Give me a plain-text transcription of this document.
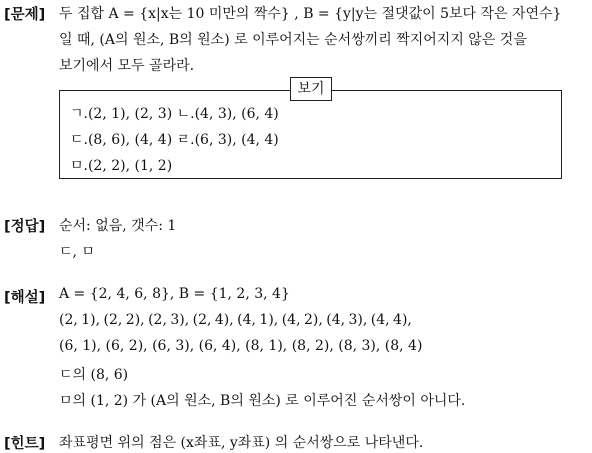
[문제] 두 집합 A = {x|x는 10 미만의 짝수} , B = {y|y는 절댓값이 5보다 작은 자연수}
일 때, (A의 원소, B의 원소) 로 이루어지는 순서쌍끼리 짝지어지지 않은 것을
보기에서 모두 골라라.
보기
ㄱ.(2, 1), (2, 3) ㄴ.(4, 3), (6, 4)
ㄷ.(8, 6), (4, 4) ㄹ.(6, 3), (4, 4)
ㅁ.(2, 2), (1, 2)
[정답] 순서: 없음, 갯수: 1
ㄷ, ㅁ
[해설] A = {2, 4, 6, 8}, B = {1, 2, 3, 4}
(2, 1), (2, 2), (2, 3), (2, 4), (4, 1), (4, 2), (4, 3), (4, 4),
(6, 1), (6, 2), (6, 3), (6, 4), (8, 1), (8, 2), (8, 3), (8, 4)
ㄷ의 (8, 6)
ㅁ의 (1, 2) 가 (A의 원소, B의 원소) 로 이루어진 순서쌍이 아니다.
[힌트] 좌표평면 위의 점은 (x좌표, y좌표) 의 순서쌍으로 나타낸다.
